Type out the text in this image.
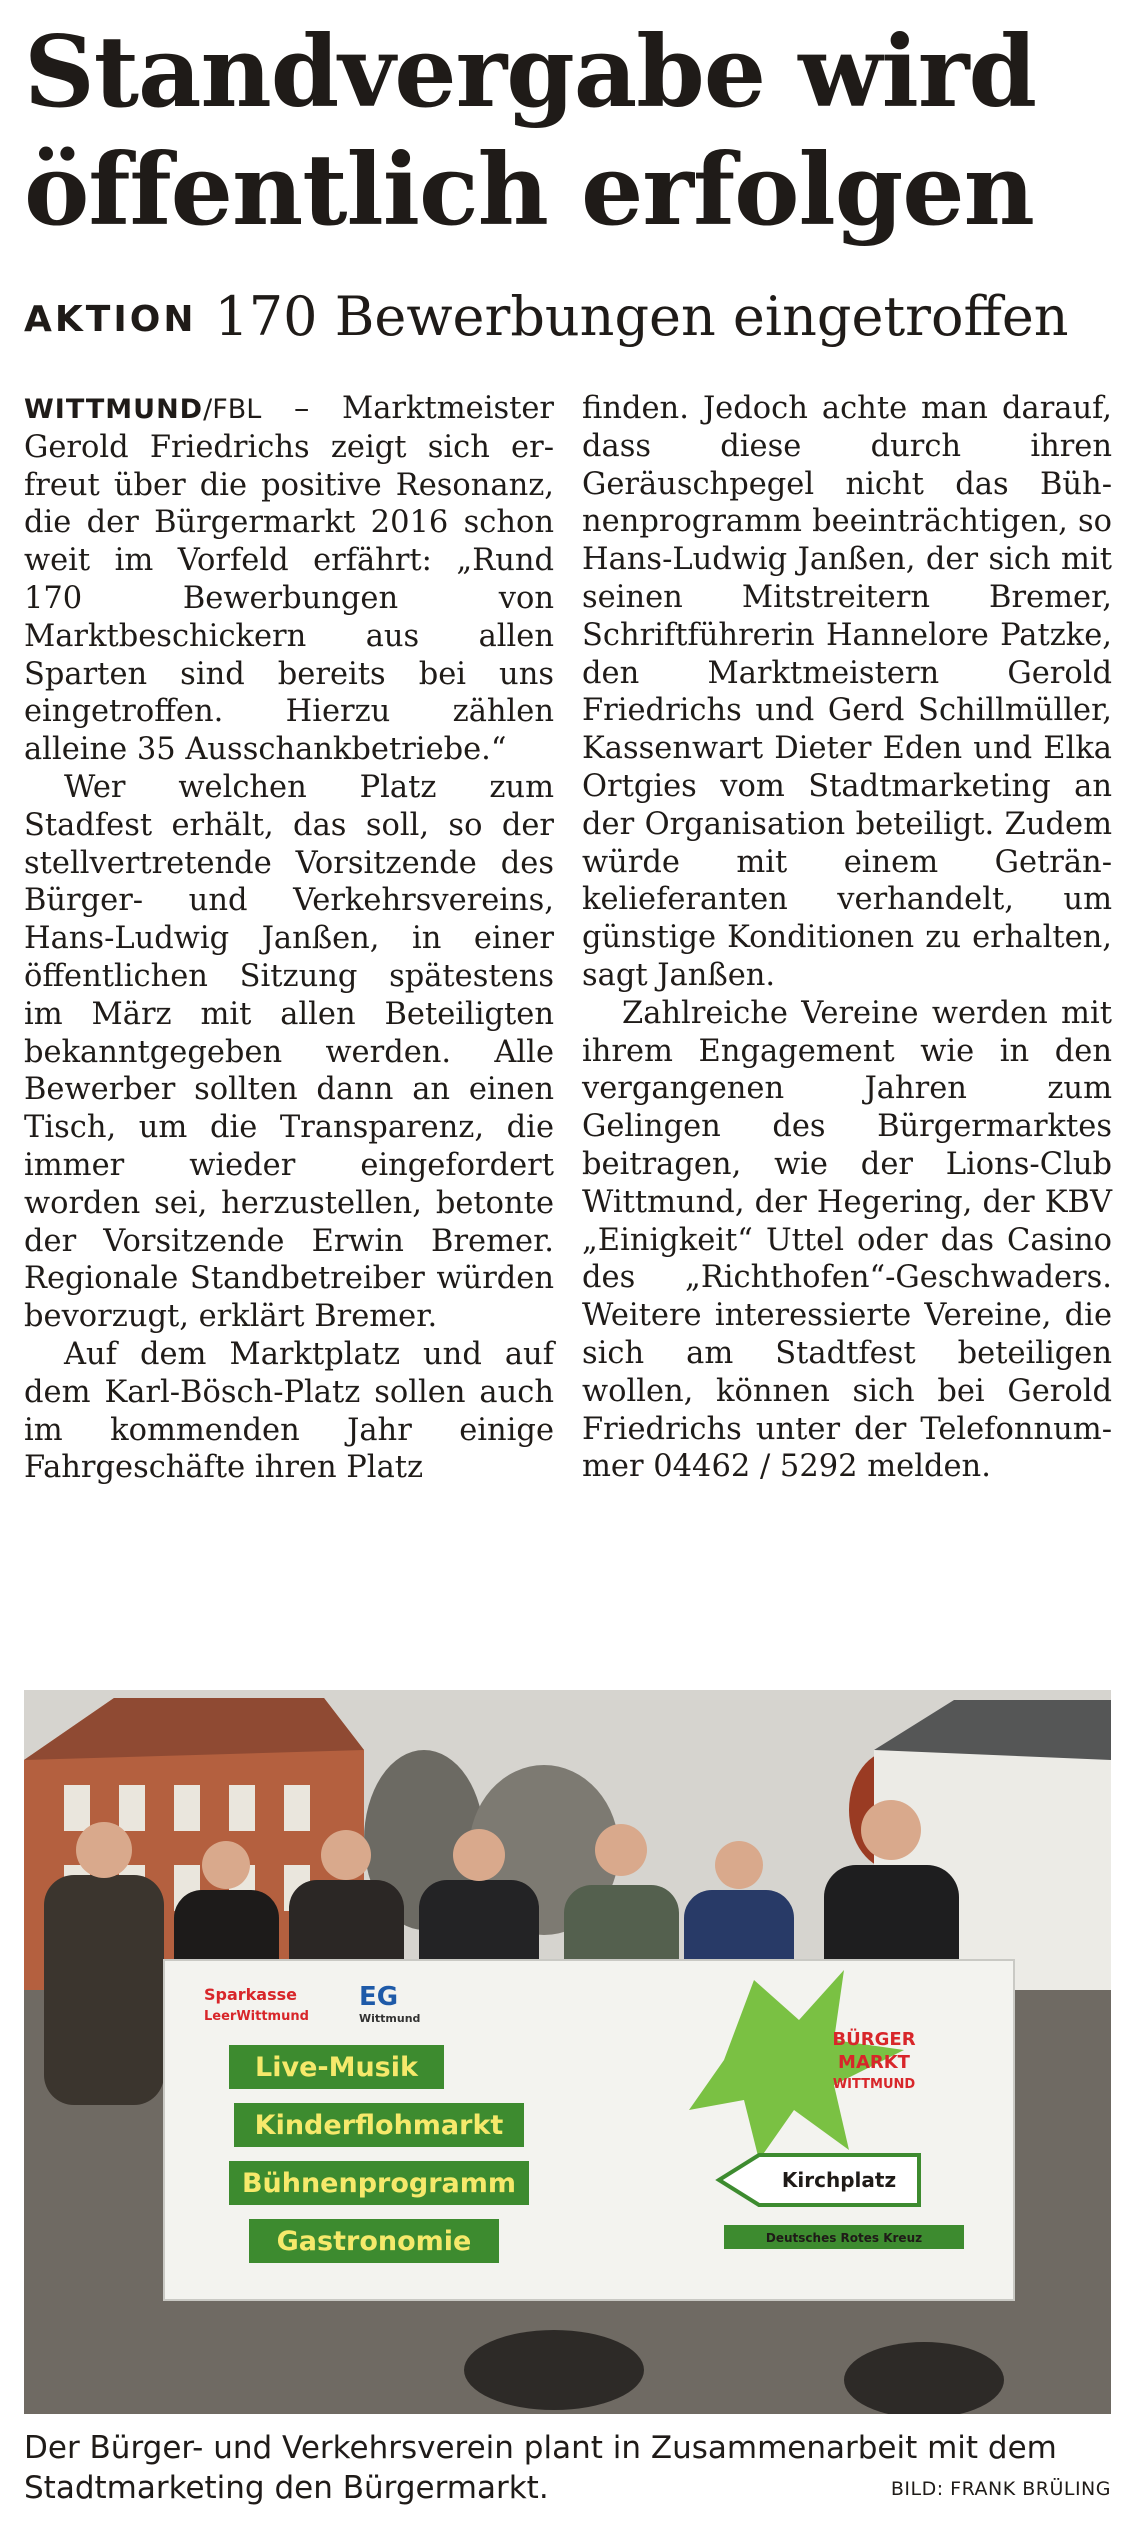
Standvergabe wird
öffentlich erfolgen
AKTION 170 Bewerbungen eingetroffen

WITTMUND/FBL – Marktmeister Gerold Friedrichs zeigt sich erfreut über die positive Resonanz, die der Bürgermarkt 2016 schon weit im Vorfeld erfährt: „Rund 170 Bewerbungen von Marktbeschickern aus allen Sparten sind bereits bei uns eingetroffen. Hierzu zählen alleine 35 Ausschankbetriebe.“

Wer welchen Platz zum Stadfest erhält, das soll, so der stellvertretende Vorsitzende des Bürger- und Verkehrsvereins, Hans-Ludwig Janßen, in einer öffentlichen Sitzung spätestens im März mit allen Beteiligten bekanntgegeben werden. Alle Bewerber sollten dann an einen Tisch, um die Transparenz, die immer wieder eingefordert worden sei, herzustellen, betonte der Vorsitzende Erwin Bremer. Regionale Standbetreiber würden bevorzugt, erklärt Bremer.

Auf dem Marktplatz und auf dem Karl-Bösch-Platz sollen auch im kommenden Jahr einige Fahrgeschäfte ihren Platz

finden. Jedoch achte man darauf, dass diese durch ihren Geräuschpegel nicht das Bühnenprogramm beeinträchtigen, so Hans-Ludwig Janßen, der sich mit seinen Mitstreitern Bremer, Schriftführerin Hannelore Patzke, den Marktmeistern Gerold Friedrichs und Gerd Schillmüller, Kassenwart Dieter Eden und Elka Ortgies vom Stadtmarketing an der Organisation beteiligt. Zudem würde mit einem Getränkelieferanten verhandelt, um günstige Konditionen zu erhalten, sagt Janßen.

Zahlreiche Vereine werden mit ihrem Engagement wie in den vergangenen Jahren zum Gelingen des Bürgermarktes beitragen, wie der Lions-Club Wittmund, der Hegering, der KBV „Einigkeit“ Uttel oder das Casino des „Richthofen“-Geschwaders. Weitere interessierte Vereine, die sich am Stadtfest beteiligen wollen, können sich bei Gerold Friedrichs unter der Telefonnummer 04462 / 5292 melden.

Sparkasse
LeerWittmund
EG
Wittmund
Live-Musik
Kinderflohmarkt
Bühnenprogramm
Gastronomie
BÜRGER
MARKT
WITTMUND
Kirchplatz
Deutsches Rotes Kreuz

Der Bürger- und Verkehrsverein plant in Zusammenarbeit mit dem Stadtmarketing den Bürgermarkt.	BILD: FRANK BRÜLING
